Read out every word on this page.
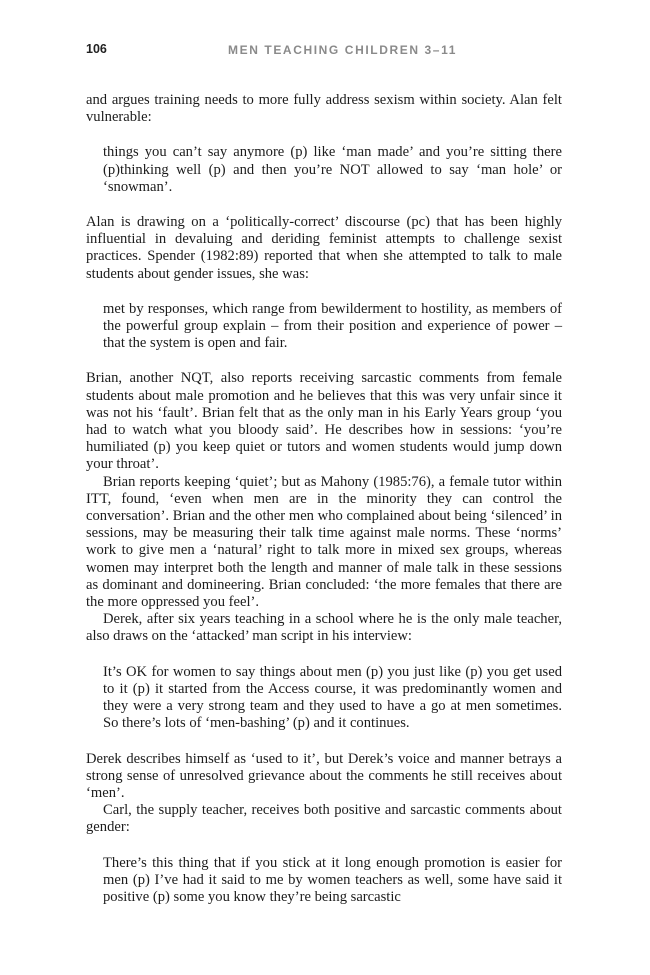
106	MEN TEACHING CHILDREN 3–11

and argues training needs to more fully address sexism within society. Alan felt vulnerable:

things you can’t say anymore (p) like ‘man made’ and you’re sitting there (p)thinking well (p) and then you’re NOT allowed to say ‘man hole’ or ‘snowman’.

Alan is drawing on a ‘politically-correct’ discourse (pc) that has been highly influential in devaluing and deriding feminist attempts to challenge sexist practices. Spender (1982:89) reported that when she attempted to talk to male students about gender issues, she was:

met by responses, which range from bewilderment to hostility, as members of the powerful group explain – from their position and experience of power – that the system is open and fair.

Brian, another NQT, also reports receiving sarcastic comments from female students about male promotion and he believes that this was very unfair since it was not his ‘fault’. Brian felt that as the only man in his Early Years group ‘you had to watch what you bloody said’. He describes how in sessions: ‘you’re humiliated (p) you keep quiet or tutors and women students would jump down your throat’.

Brian reports keeping ‘quiet’; but as Mahony (1985:76), a female tutor within ITT, found, ‘even when men are in the minority they can control the conversation’. Brian and the other men who complained about being ‘silenced’ in sessions, may be measuring their talk time against male norms. These ‘norms’ work to give men a ‘natural’ right to talk more in mixed sex groups, whereas women may interpret both the length and manner of male talk in these sessions as dominant and domineering. Brian concluded: ‘the more females that there are the more oppressed you feel’.

Derek, after six years teaching in a school where he is the only male teacher, also draws on the ‘attacked’ man script in his interview:

It’s OK for women to say things about men (p) you just like (p) you get used to it (p) it started from the Access course, it was predominantly women and they were a very strong team and they used to have a go at men sometimes. So there’s lots of ‘men-bashing’ (p) and it continues.

Derek describes himself as ‘used to it’, but Derek’s voice and manner betrays a strong sense of unresolved grievance about the comments he still receives about ‘men’.

Carl, the supply teacher, receives both positive and sarcastic comments about gender:

There’s this thing that if you stick at it long enough promotion is easier for men (p) I’ve had it said to me by women teachers as well, some have said it positive (p) some you know they’re being sarcastic
